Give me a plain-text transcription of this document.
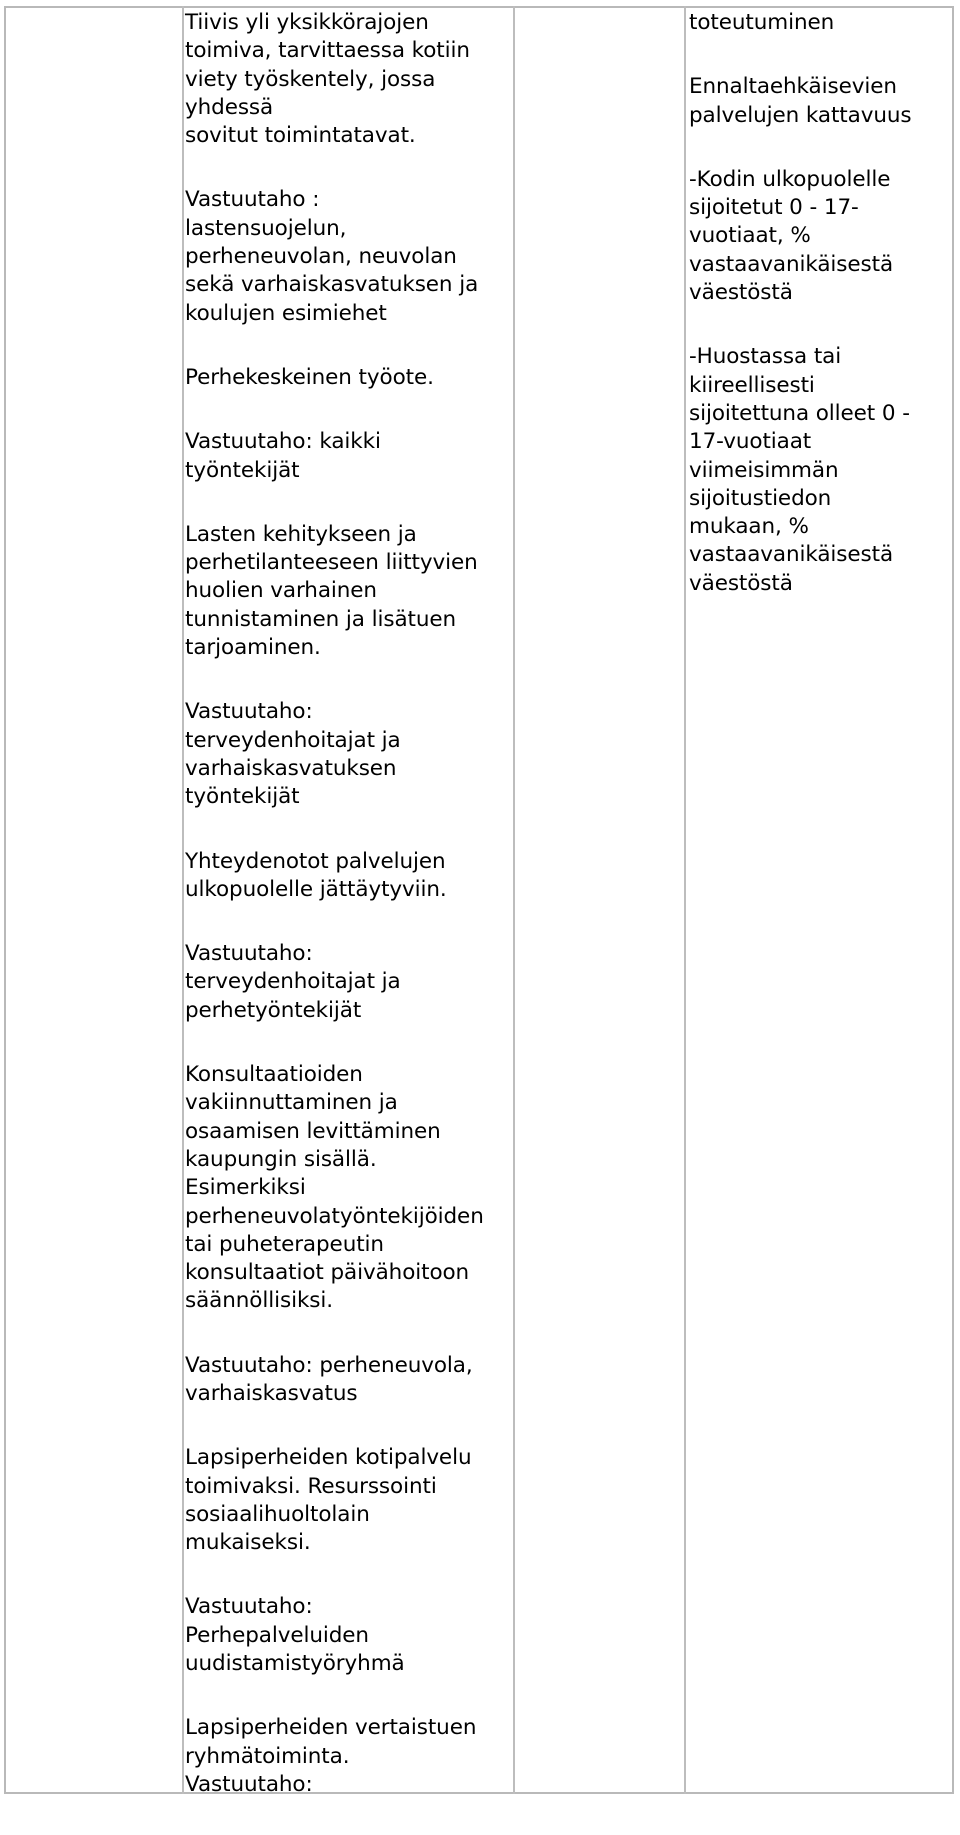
Tiivis yli yksikkörajojen
toimiva, tarvittaessa kotiin
viety työskentely, jossa
yhdessä
sovitut toimintatavat.
Vastuutaho :
lastensuojelun,
perheneuvolan, neuvolan
sekä varhaiskasvatuksen ja
koulujen esimiehet
Perhekeskeinen työote.
Vastuutaho: kaikki
työntekijät
Lasten kehitykseen ja
perhetilanteeseen liittyvien
huolien varhainen
tunnistaminen ja lisätuen
tarjoaminen.
Vastuutaho:
terveydenhoitajat ja
varhaiskasvatuksen
työntekijät
Yhteydenotot palvelujen
ulkopuolelle jättäytyviin.
Vastuutaho:
terveydenhoitajat ja
perhetyöntekijät
Konsultaatioiden
vakiinnuttaminen ja
osaamisen levittäminen
kaupungin sisällä.
Esimerkiksi
perheneuvolatyöntekijöiden
tai puheterapeutin
konsultaatiot päivähoitoon
säännöllisiksi.
Vastuutaho: perheneuvola,
varhaiskasvatus
Lapsiperheiden kotipalvelu
toimivaksi. Resurssointi
sosiaalihuoltolain
mukaiseksi.
Vastuutaho:
Perhepalveluiden
uudistamistyöryhmä
Lapsiperheiden vertaistuen
ryhmätoiminta.
Vastuutaho:
toteutuminen
Ennaltaehkäisevien
palvelujen kattavuus
-Kodin ulkopuolelle
sijoitetut 0 - 17-
vuotiaat, %
vastaavanikäisestä
väestöstä
-Huostassa tai
kiireellisesti
sijoitettuna olleet 0 -
17-vuotiaat
viimeisimmän
sijoitustiedon
mukaan, %
vastaavanikäisestä
väestöstä
